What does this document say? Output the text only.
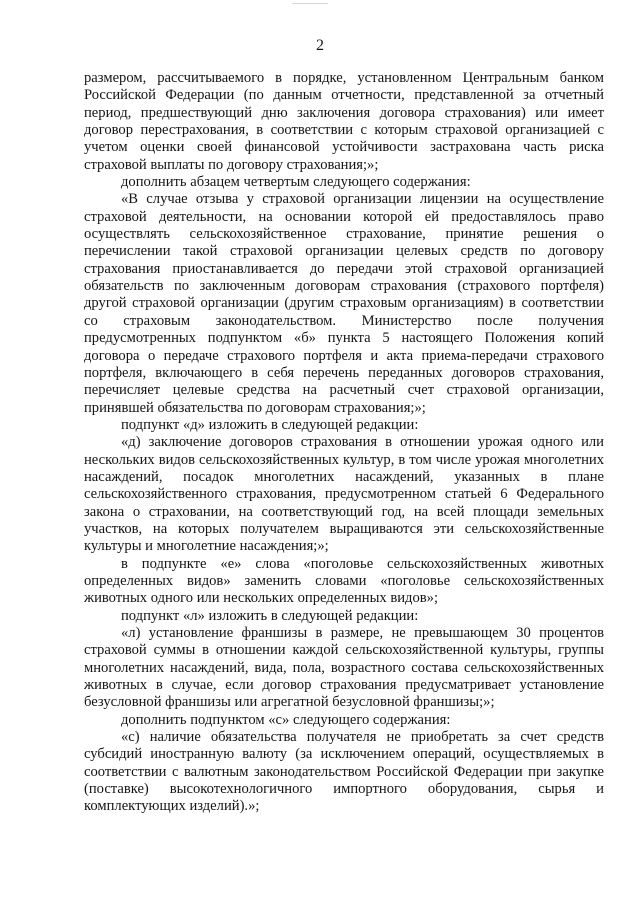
2

размером, рассчитываемого в порядке, установленном Центральным банком Российской Федерации (по данным отчетности, представленной за отчетный период, предшествующий дню заключения договора страхования) или имеет договор перестрахования, в соответствии с которым страховой организацией с учетом оценки своей финансовой устойчивости застрахована часть риска страховой выплаты по договору страхования;»;

дополнить абзацем четвертым следующего содержания:

«В случае отзыва у страховой организации лицензии на осуществление страховой деятельности, на основании которой ей предоставлялось право осуществлять сельскохозяйственное страхование, принятие решения о перечислении такой страховой организации целевых средств по договору страхования приостанавливается до передачи этой страховой организацией обязательств по заключенным договорам страхования (страхового портфеля) другой страховой организации (другим страховым организациям) в соответствии со страховым законодательством. Министерство после получения предусмотренных подпунктом «б» пункта 5 настоящего Положения копий договора о передаче страхового портфеля и акта приема-передачи страхового портфеля, включающего в себя перечень переданных договоров страхования, перечисляет целевые средства на расчетный счет страховой организации, принявшей обязательства по договорам страхования;»;

подпункт «д» изложить в следующей редакции:

«д) заключение договоров страхования в отношении урожая одного или нескольких видов сельскохозяйственных культур, в том числе урожая многолетних насаждений, посадок многолетних насаждений, указанных в плане сельскохозяйственного страхования, предусмотренном статьей 6 Федерального закона о страховании, на соответствующий год, на всей площади земельных участков, на которых получателем выращиваются эти сельскохозяйственные культуры и многолетние насаждения;»;

в подпункте «е» слова «поголовье сельскохозяйственных животных определенных видов» заменить словами «поголовье сельскохозяйственных животных одного или нескольких определенных видов»;

подпункт «л» изложить в следующей редакции:

«л) установление франшизы в размере, не превышающем 30 процентов страховой суммы в отношении каждой сельскохозяйственной культуры, группы многолетних насаждений, вида, пола, возрастного состава сельскохозяйственных животных в случае, если договор страхования предусматривает установление безусловной франшизы или агрегатной безусловной франшизы;»;

дополнить подпунктом «с» следующего содержания:

«с) наличие обязательства получателя не приобретать за счет средств субсидий иностранную валюту (за исключением операций, осуществляемых в соответствии с валютным законодательством Российской Федерации при закупке (поставке) высокотехнологичного импортного оборудования, сырья и комплектующих изделий).»;
